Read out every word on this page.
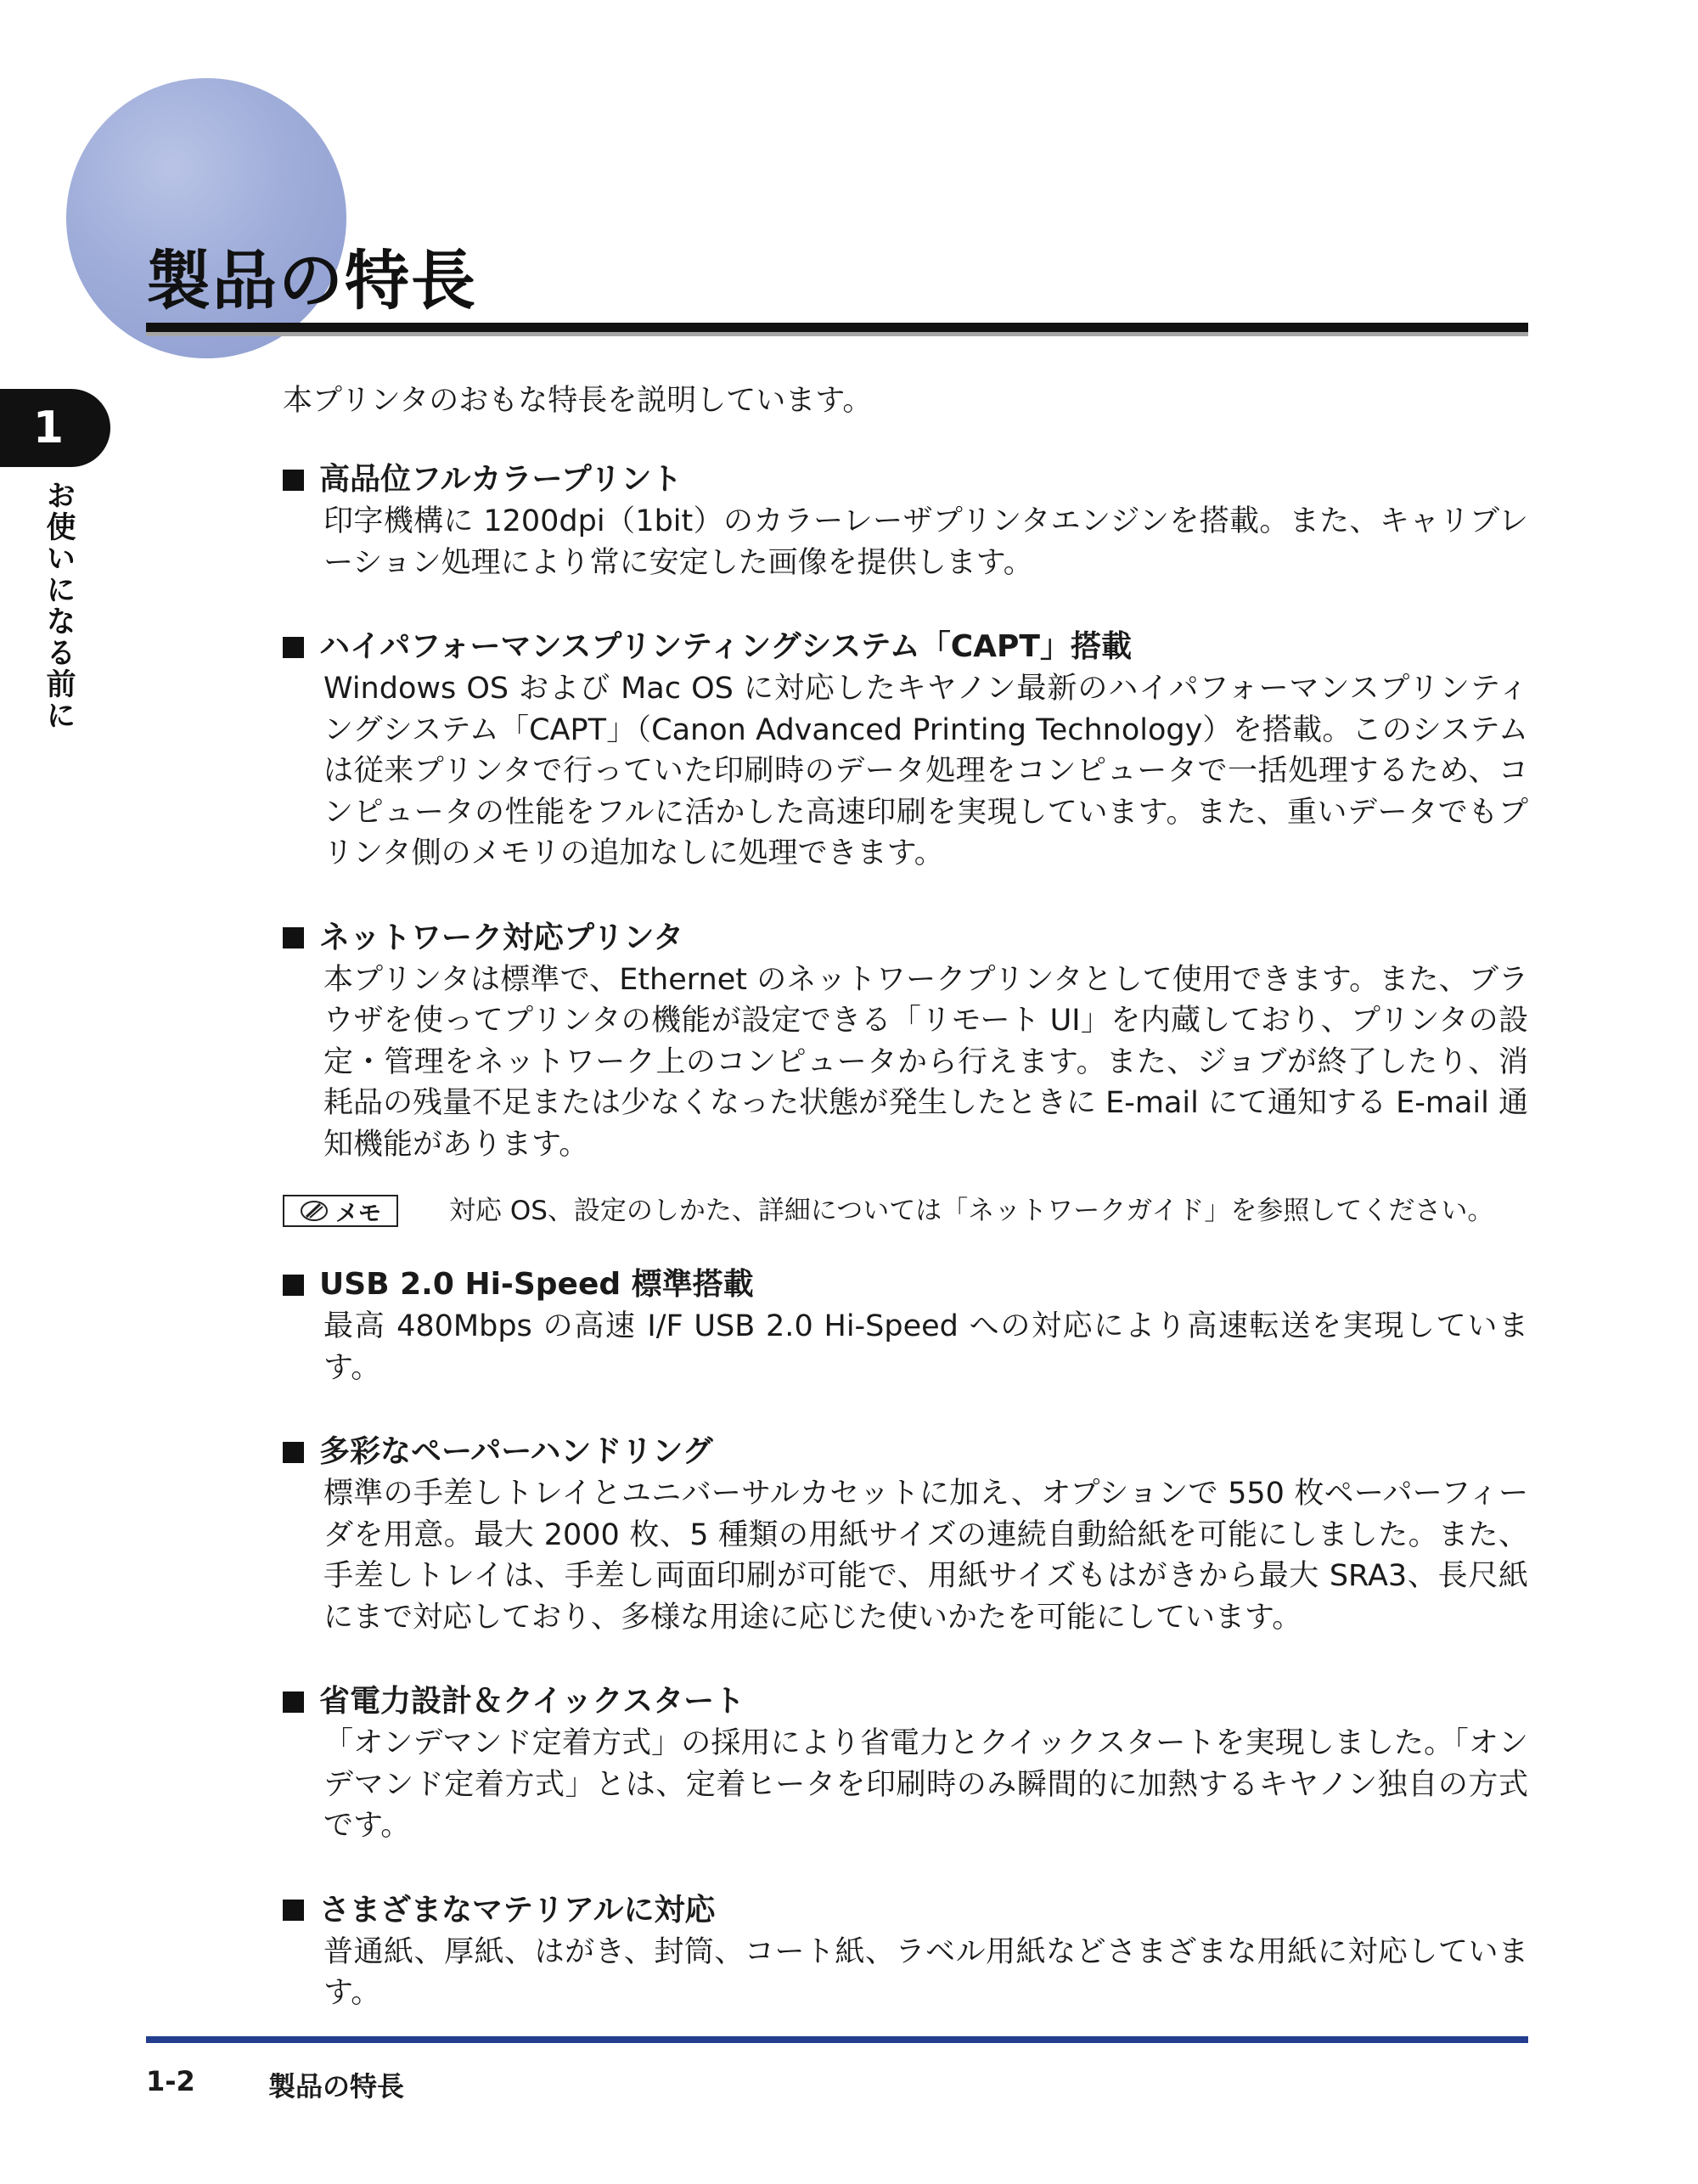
製品の特長
1
お使いになる前に

本プリンタのおもな特長を説明しています。

高品位フルカラープリント

印字機構に 1200dpi（1bit）のカラーレーザプリンタエンジンを搭載。また、キャリブレーション処理により常に安定した画像を提供します。

ハイパフォーマンスプリンティングシステム「CAPT」搭載

Windows OS および Mac OS に対応したキヤノン最新のハイパフォーマンスプリンティングシステム「CAPT」（Canon Advanced Printing Technology）を搭載。このシステムは従来プリンタで行っていた印刷時のデータ処理をコンピュータで一括処理するため、コンピュータの性能をフルに活かした高速印刷を実現しています。また、重いデータでもプリンタ側のメモリの追加なしに処理できます。

ネットワーク対応プリンタ

本プリンタは標準で、Ethernet のネットワークプリンタとして使用できます。また、ブラウザを使ってプリンタの機能が設定できる「リモート UI」を内蔵しており、プリンタの設定・管理をネットワーク上のコンピュータから行えます。また、ジョブが終了したり、消耗品の残量不足または少なくなった状態が発生したときに E-mail にて通知する E-mail 通知機能があります。

メモ	対応 OS、設定のしかた、詳細については「ネットワークガイド」を参照してください。
USB 2.0 Hi-Speed 標準搭載

最高 480Mbps の高速 I/F USB 2.0 Hi-Speed への対応により高速転送を実現しています。

多彩なペーパーハンドリング

標準の手差しトレイとユニバーサルカセットに加え、オプションで 550 枚ペーパーフィーダを用意。最大 2000 枚、5 種類の用紙サイズの連続自動給紙を可能にしました。また、手差しトレイは、手差し両面印刷が可能で、用紙サイズもはがきから最大 SRA3、長尺紙にまで対応しており、多様な用途に応じた使いかたを可能にしています。

省電力設計＆クイックスタート

「オンデマンド定着方式」の採用により省電力とクイックスタートを実現しました。「オンデマンド定着方式」とは、定着ヒータを印刷時のみ瞬間的に加熱するキヤノン独自の方式です。

さまざまなマテリアルに対応

普通紙、厚紙、はがき、封筒、コート紙、ラベル用紙などさまざまな用紙に対応しています。

1-2	製品の特長
